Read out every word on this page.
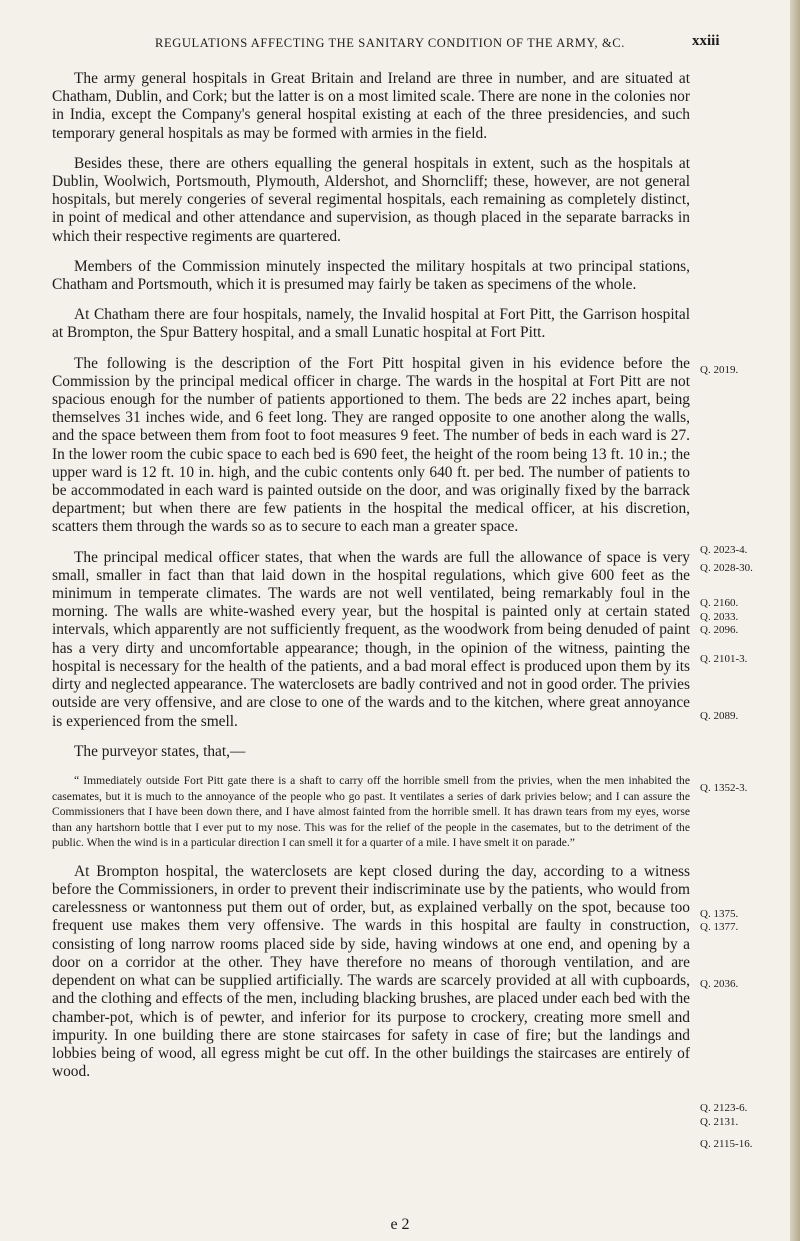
REGULATIONS AFFECTING THE SANITARY CONDITION OF THE ARMY, &C.	xxiii

The army general hospitals in Great Britain and Ireland are three in number, and are situated at Chatham, Dublin, and Cork; but the latter is on a most limited scale. There are none in the colonies nor in India, except the Company's general hospital existing at each of the three presidencies, and such temporary general hospitals as may be formed with armies in the field.

Besides these, there are others equalling the general hospitals in extent, such as the hospitals at Dublin, Woolwich, Portsmouth, Plymouth, Aldershot, and Shorncliff; these, however, are not general hospitals, but merely congeries of several regimental hospitals, each remaining as completely distinct, in point of medical and other attendance and supervision, as though placed in the separate barracks in which their respective regiments are quartered.

Members of the Commission minutely inspected the military hospitals at two principal stations, Chatham and Portsmouth, which it is presumed may fairly be taken as specimens of the whole.

At Chatham there are four hospitals, namely, the Invalid hospital at Fort Pitt, the Garrison hospital at Brompton, the Spur Battery hospital, and a small Lunatic hospital at Fort Pitt.

The following is the description of the Fort Pitt hospital given in his evidence before the Commission by the principal medical officer in charge. The wards in the hospital at Fort Pitt are not spacious enough for the number of patients apportioned to them. The beds are 22 inches apart, being themselves 31 inches wide, and 6 feet long. They are ranged opposite to one another along the walls, and the space between them from foot to foot measures 9 feet. The number of beds in each ward is 27. In the lower room the cubic space to each bed is 690 feet, the height of the room being 13 ft. 10 in.; the upper ward is 12 ft. 10 in. high, and the cubic contents only 640 ft. per bed. The number of patients to be accommodated in each ward is painted outside on the door, and was originally fixed by the barrack department; but when there are few patients in the hospital the medical officer, at his discretion, scatters them through the wards so as to secure to each man a greater space.

The principal medical officer states, that when the wards are full the allowance of space is very small, smaller in fact than that laid down in the hospital regulations, which give 600 feet as the minimum in temperate climates. The wards are not well ventilated, being remarkably foul in the morning. The walls are white-washed every year, but the hospital is painted only at certain stated intervals, which apparently are not sufficiently frequent, as the woodwork from being denuded of paint has a very dirty and uncomfortable appearance; though, in the opinion of the witness, painting the hospital is necessary for the health of the patients, and a bad moral effect is produced upon them by its dirty and neglected appearance. The waterclosets are badly contrived and not in good order. The privies outside are very offensive, and are close to one of the wards and to the kitchen, where great annoyance is experienced from the smell.

The purveyor states, that,—

“ Immediately outside Fort Pitt gate there is a shaft to carry off the horrible smell from the privies, when the men inhabited the casemates, but it is much to the annoyance of the people who go past. It ventilates a series of dark privies below; and I can assure the Commissioners that I have been down there, and I have almost fainted from the horrible smell. It has drawn tears from my eyes, worse than any hartshorn bottle that I ever put to my nose. This was for the relief of the people in the casemates, but to the detriment of the public. When the wind is in a particular direction I can smell it for a quarter of a mile. I have smelt it on parade.”

At Brompton hospital, the waterclosets are kept closed during the day, according to a witness before the Commissioners, in order to prevent their indiscriminate use by the patients, who would from carelessness or wantonness put them out of order, but, as explained verbally on the spot, because too frequent use makes them very offensive. The wards in this hospital are faulty in construction, consisting of long narrow rooms placed side by side, having windows at one end, and opening by a door on a corridor at the other. They have therefore no means of thorough ventilation, and are dependent on what can be supplied artificially. The wards are scarcely provided at all with cupboards, and the clothing and effects of the men, including blacking brushes, are placed under each bed with the chamber-pot, which is of pewter, and inferior for its purpose to crockery, creating more smell and impurity. In one building there are stone staircases for safety in case of fire; but the landings and lobbies being of wood, all egress might be cut off. In the other buildings the staircases are entirely of wood.

Q. 2019.
Q. 2023-4.
Q. 2028-30.
Q. 2160.
Q. 2033.
Q. 2096.
Q. 2101-3.
Q. 2089.
Q. 1352-3.
Q. 1375.
Q. 1377.
Q. 2036.
Q. 2123-6.
Q. 2131.
Q. 2115-16.
e 2
